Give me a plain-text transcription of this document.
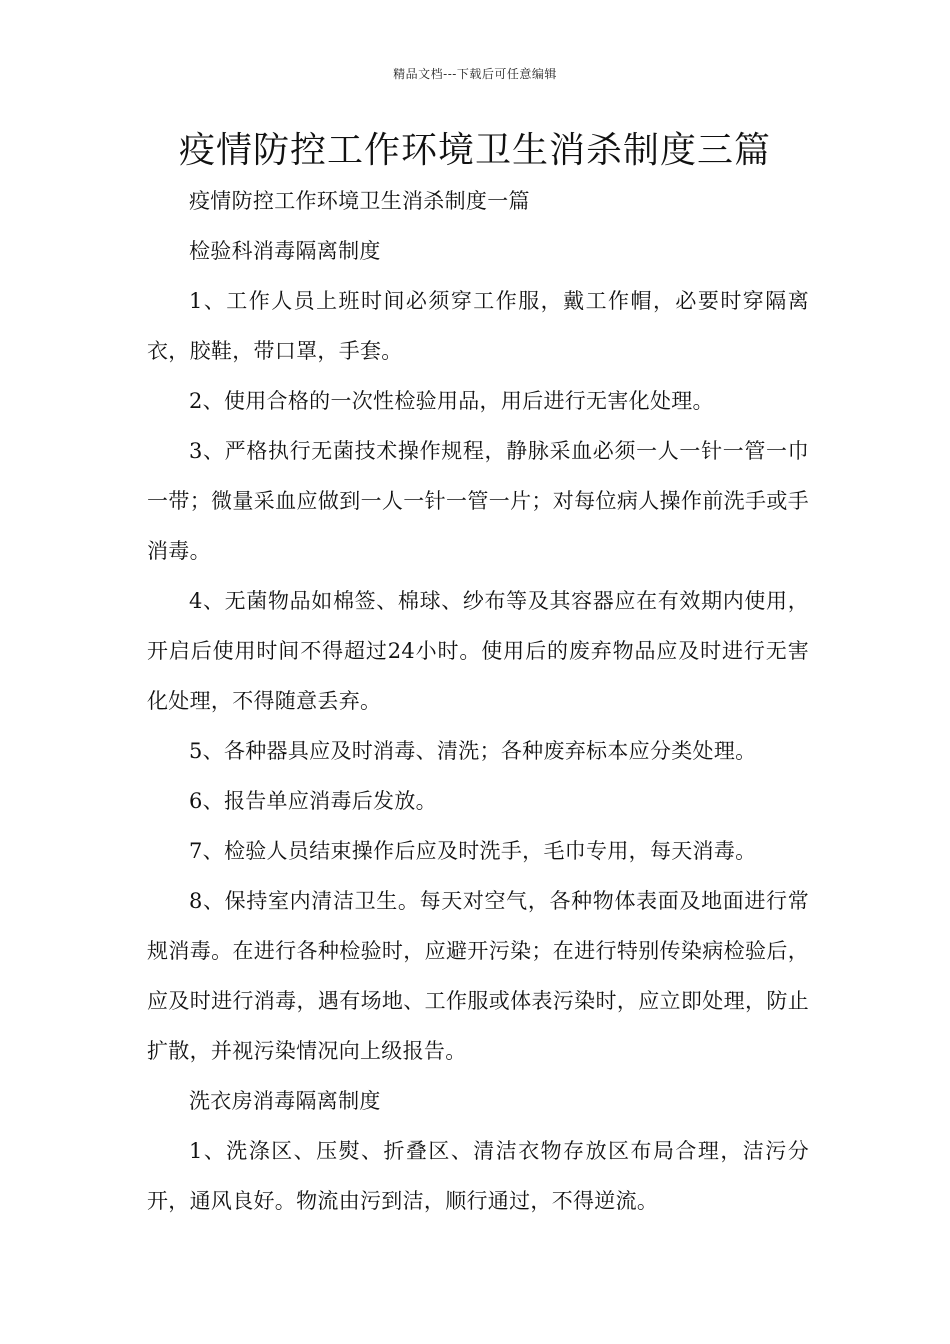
精品文档---下载后可任意编辑
疫情防控工作环境卫生消杀制度三篇

疫情防控工作环境卫生消杀制度一篇

检验科消毒隔离制度

1、工作人员上班时间必须穿工作服，戴工作帽，必要时穿隔离衣，胶鞋，带口罩，手套。

2、使用合格的一次性检验用品，用后进行无害化处理。

3、严格执行无菌技术操作规程，静脉采血必须一人一针一管一巾一带；微量采血应做到一人一针一管一片；对每位病人操作前洗手或手消毒。

4、无菌物品如棉签、棉球、纱布等及其容器应在有效期内使用，开启后使用时间不得超过24小时。使用后的废弃物品应及时进行无害化处理，不得随意丢弃。

5、各种器具应及时消毒、清洗；各种废弃标本应分类处理。

6、报告单应消毒后发放。

7、检验人员结束操作后应及时洗手，毛巾专用，每天消毒。

8、保持室内清洁卫生。每天对空气，各种物体表面及地面进行常规消毒。在进行各种检验时，应避开污染；在进行特别传染病检验后，应及时进行消毒，遇有场地、工作服或体表污染时，应立即处理，防止扩散，并视污染情况向上级报告。

洗衣房消毒隔离制度

1、洗涤区、压熨、折叠区、清洁衣物存放区布局合理，洁污分开，通风良好。物流由污到洁，顺行通过，不得逆流。
